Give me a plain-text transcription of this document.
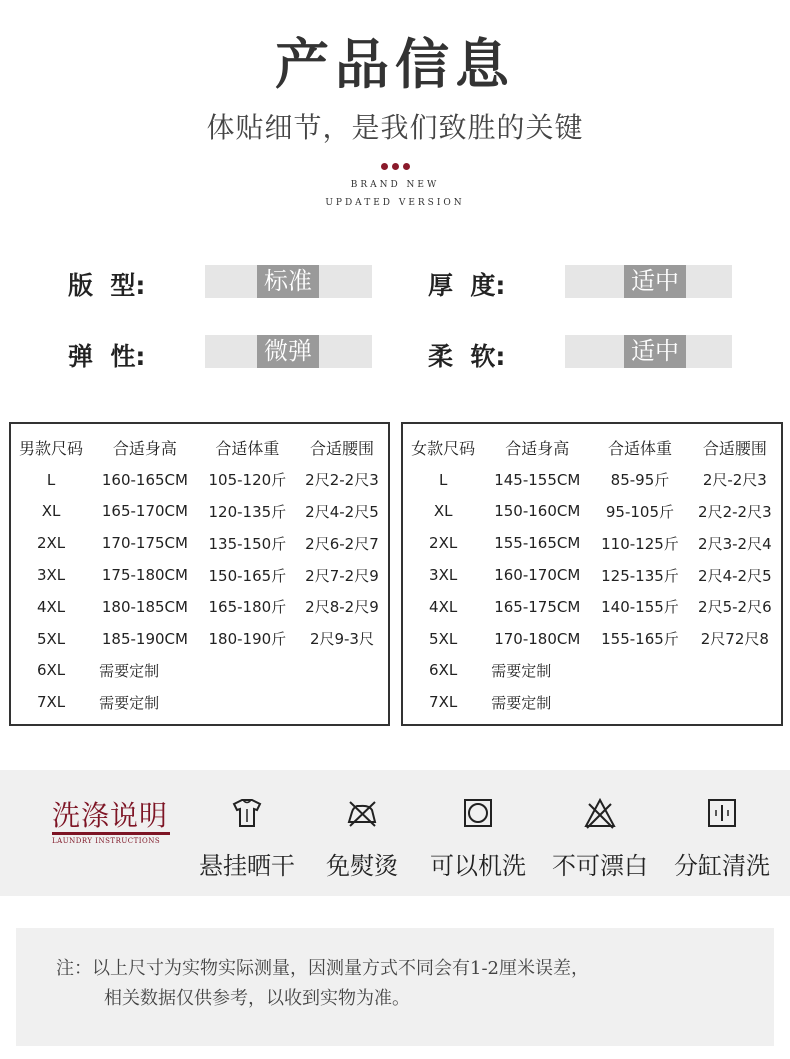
产品信息
体贴细节，是我们致胜的关键
BRAND NEW
UPDATED VERSION
版  型:	标准	厚  度:	适中
弹  性:	微弹	柔  软:	适中
男款尺码	合适身高	合适体重	合适腰围
L	160-165CM	105-120斤	2尺2-2尺3
XL	165-170CM	120-135斤	2尺4-2尺5
2XL	170-175CM	135-150斤	2尺6-2尺7
3XL	175-180CM	150-165斤	2尺7-2尺9
4XL	180-185CM	165-180斤	2尺8-2尺9
5XL	185-190CM	180-190斤	2尺9-3尺
6XL	需要定制		
7XL	需要定制		
女款尺码	合适身高	合适体重	合适腰围
L	145-155CM	85-95斤	2尺-2尺3
XL	150-160CM	95-105斤	2尺2-2尺3
2XL	155-165CM	110-125斤	2尺3-2尺4
3XL	160-170CM	125-135斤	2尺4-2尺5
4XL	165-175CM	140-155斤	2尺5-2尺6
5XL	170-180CM	155-165斤	2尺72尺8
6XL	需要定制		
7XL	需要定制		
洗涤说明
LAUNDRY INSTRUCTIONS
悬挂晒干	免熨烫	可以机洗	不可漂白	分缸清洗
注：以上尺寸为实物实际测量，因测量方式不同会有1-2厘米误差，
相关数据仅供参考，以收到实物为准。
